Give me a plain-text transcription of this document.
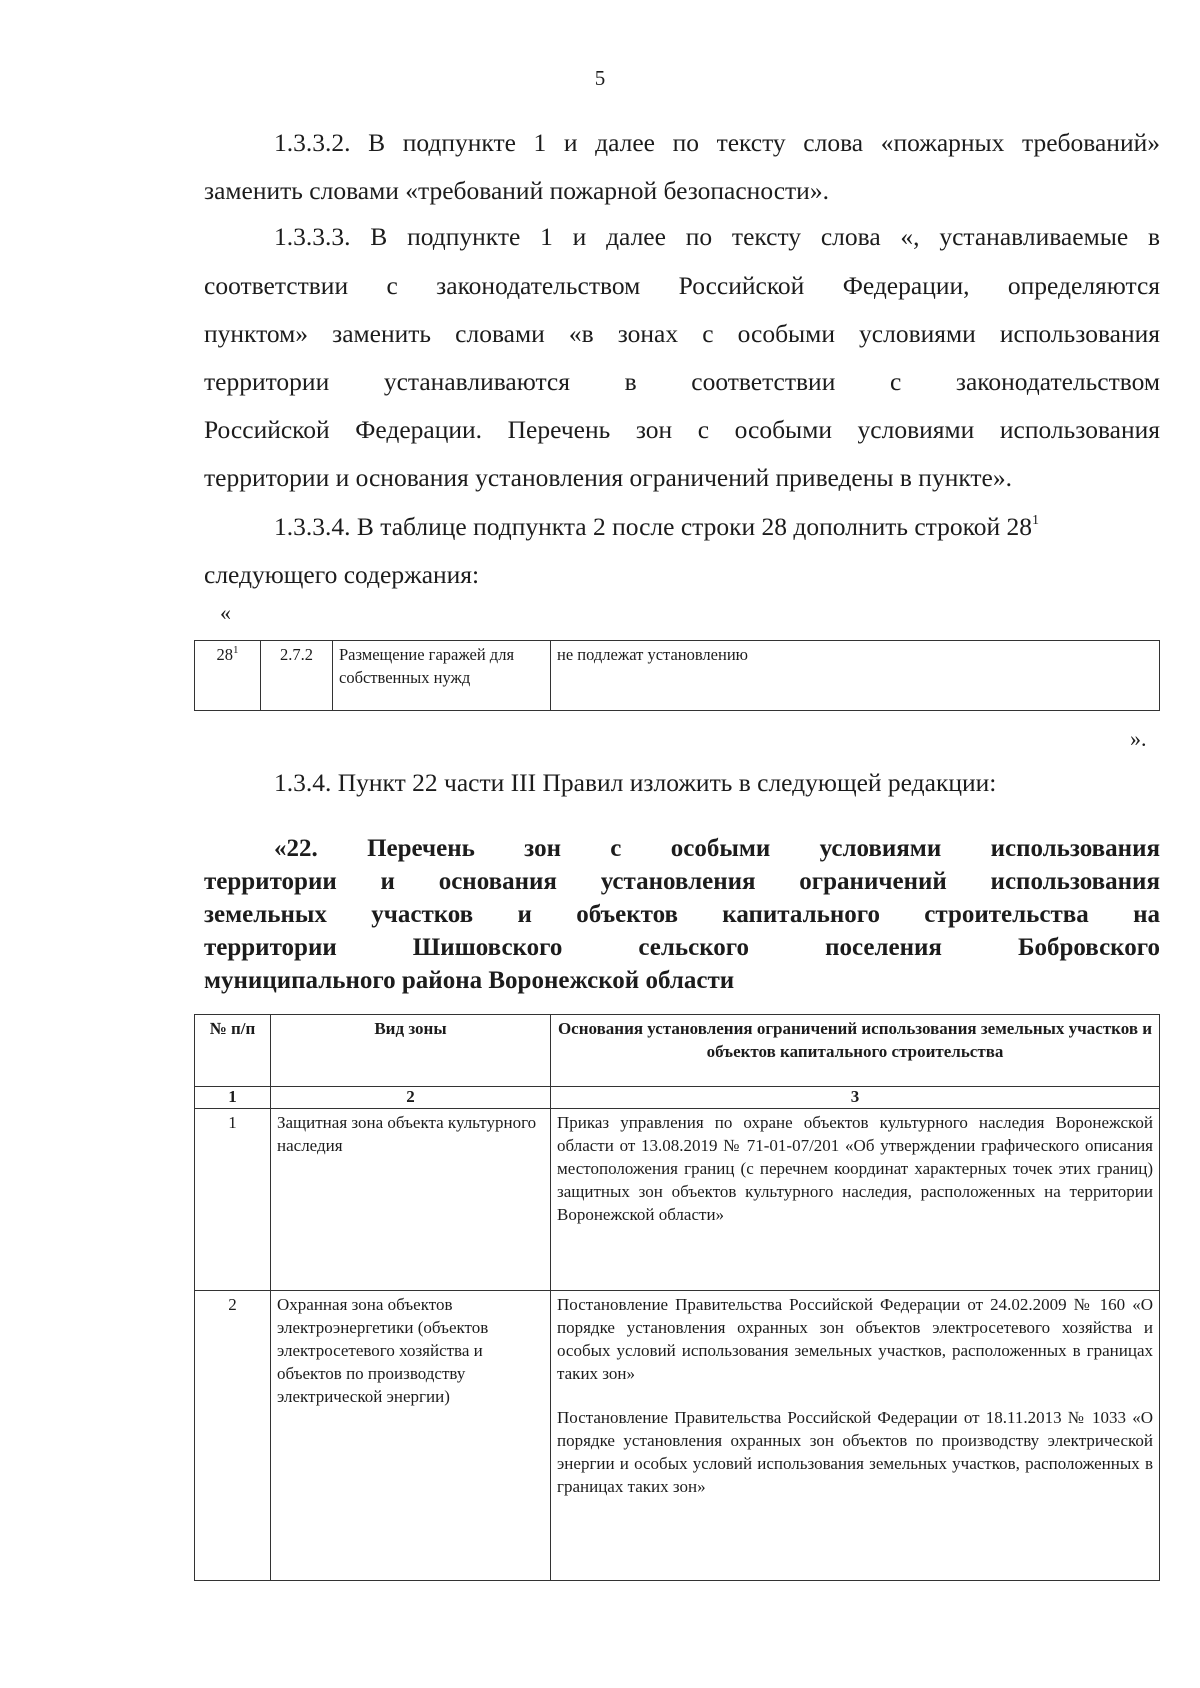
5
1.3.3.2. В подпункте 1 и далее по тексту слова «пожарных требований»
заменить словами «требований пожарной безопасности».
1.3.3.3. В подпункте 1 и далее по тексту слова «, устанавливаемые в
соответствии с законодательством Российской Федерации, определяются
пунктом» заменить словами «в зонах с особыми условиями использования
территории устанавливаются в соответствии с законодательством
Российской Федерации. Перечень зон с особыми условиями использования
территории и основания установления ограничений приведены в пункте».
1.3.3.4. В таблице подпункта 2 после строки 28 дополнить строкой $28^1$
следующего содержания:
«
$28^1$	2.7.2	Размещение гаражей для собственных нужд	не подлежат установлению
».
1.3.4. Пункт 22 части III Правил изложить в следующей редакции:
«22. Перечень зон с особыми условиями использования
территории и основания установления ограничений использования
земельных участков и объектов капитального строительства на
территории Шишовского сельского поселения Бобровского
муниципального района Воронежской области
№ п/п	Вид зоны	Основания установления ограничений использования земельных участков и объектов капитального строительства
1	2	3
1	Защитная зона объекта культурного наследия	Приказ управления по охране объектов культурного наследия Воронежской области от 13.08.2019 № 71-01-07/201 «Об утверждении графического описания местоположения границ (с перечнем координат характерных точек этих границ) защитных зон объектов культурного наследия, расположенных на территории Воронежской области»
2	Охранная зона объектов электроэнергетики (объектов электросетевого хозяйства и объектов по производству электрической энергии)	Постановление Правительства Российской Федерации от 24.02.2009 № 160 «О порядке установления охранных зон объектов электросетевого хозяйства и особых условий использования земельных участков, расположенных в границах таких зон»
Постановление Правительства Российской Федерации от 18.11.2013 № 1033 «О порядке установления охранных зон объектов по производству электрической энергии и особых условий использования земельных участков, расположенных в границах таких зон»
